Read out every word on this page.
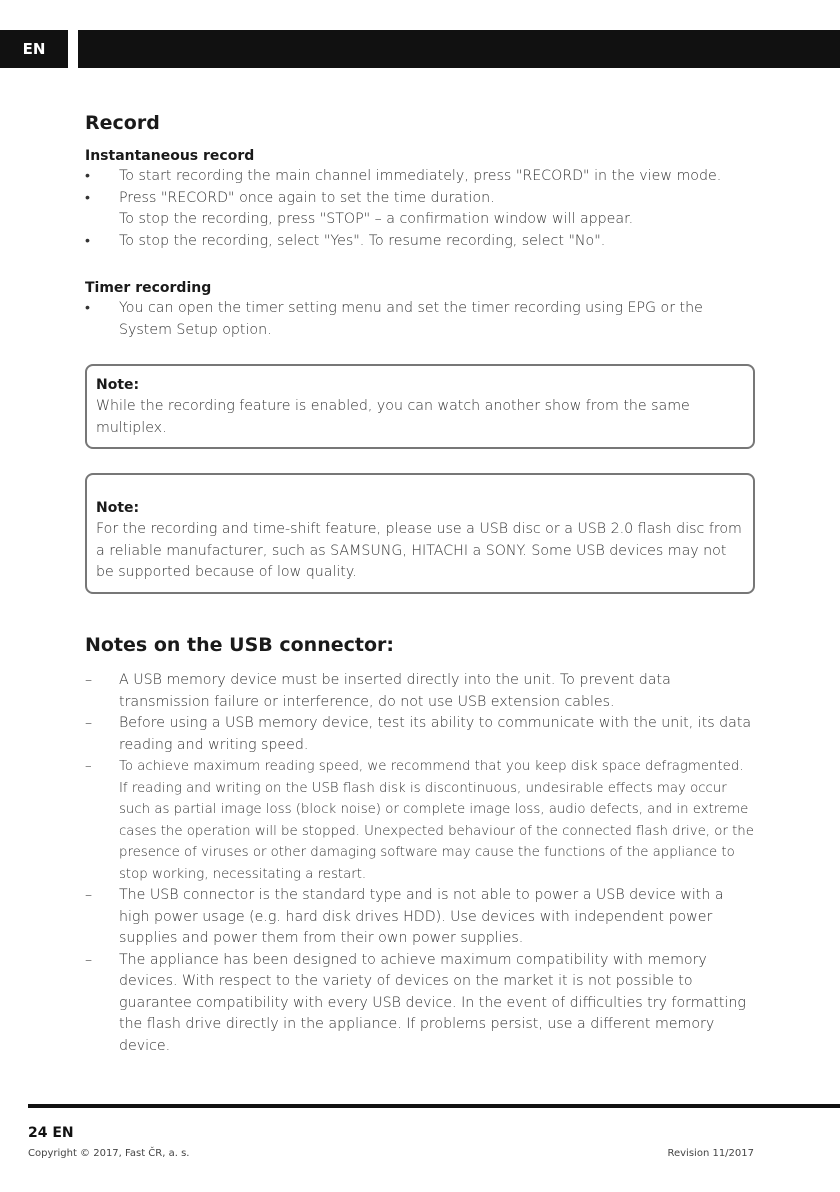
EN
Record
Instantaneous record
•	To start recording the main channel immediately, press "RECORD" in the view mode.
•	Press "RECORD" once again to set the time duration.
To stop the recording, press "STOP" – a confirmation window will appear.
•	To stop the recording, select "Yes". To resume recording, select "No".
Timer recording
•	You can open the timer setting menu and set the timer recording using EPG or the System Setup option.
Note:
While the recording feature is enabled, you can watch another show from the same multiplex.
Note:
For the recording and time-shift feature, please use a USB disc or a USB 2.0 flash disc from a reliable manufacturer, such as SAMSUNG, HITACHI a SONY. Some USB devices may not be supported because of low quality.
Notes on the USB connector:
–	A USB memory device must be inserted directly into the unit. To prevent data transmission failure or interference, do not use USB extension cables.
–	Before using a USB memory device, test its ability to communicate with the unit, its data reading and writing speed.
–	To achieve maximum reading speed, we recommend that you keep disk space defragmented. If reading and writing on the USB flash disk is discontinuous, undesirable effects may occur such as partial image loss (block noise) or complete image loss, audio defects, and in extreme cases the operation will be stopped. Unexpected behaviour of the connected flash drive, or the presence of viruses or other damaging software may cause the functions of the appliance to stop working, necessitating a restart.
–	The USB connector is the standard type and is not able to power a USB device with a high power usage (e.g. hard disk drives HDD). Use devices with independent power supplies and power them from their own power supplies.
–	The appliance has been designed to achieve maximum compatibility with memory devices. With respect to the variety of devices on the market it is not possible to guarantee compatibility with every USB device. In the event of difficulties try formatting the flash drive directly in the appliance. If problems persist, use a different memory device.
24 EN
Copyright © 2017, Fast ČR, a. s.	Revision 11/2017
